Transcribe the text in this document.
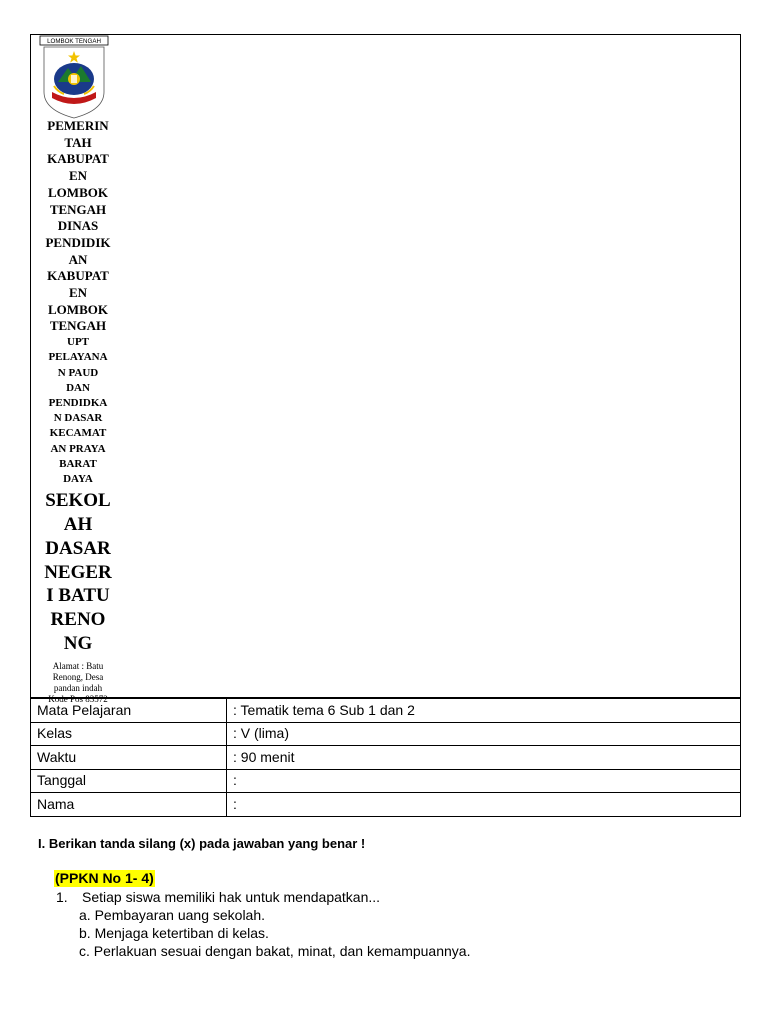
LOMBOK TENGAH
PEMERIN
TAH
KABUPAT
EN
LOMBOK
TENGAH
DINAS
PENDIDIK
AN
KABUPAT
EN
LOMBOK
TENGAH
UPT
PELAYANA
N PAUD
DAN
PENDIDKA
N DASAR
KECAMAT
AN PRAYA
BARAT
DAYA
SEKOL
AH
DASAR
NEGER
I BATU
RENO
NG
Alamat : Batu
Renong, Desa
pandan indah
Kode Pos 83572
Mata Pelajaran	: Tematik tema 6 Sub 1 dan 2
Kelas	: V (lima)
Waktu	: 90 menit
Tanggal	:
Nama	:
I. Berikan tanda silang (x) pada jawaban yang benar !
(PPKN No 1- 4)
1. Setiap siswa memiliki hak untuk mendapatkan...
a. Pembayaran uang sekolah.
b. Menjaga ketertiban di kelas.
c. Perlakuan sesuai dengan bakat, minat, dan kemampuannya.
